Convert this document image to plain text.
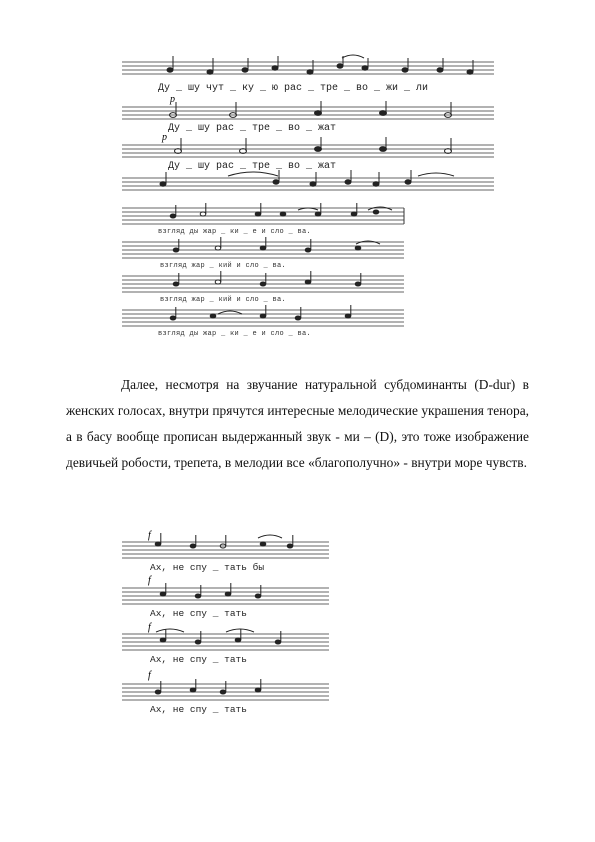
Ду _ шу чут _ ку _ ю рас _ тре _ во _ жи _ ли
p
Ду _ шу рас _ тре _ во _ жат
p
Ду _ шу рас _ тре _ во _ жат
взгляд ды жар _ ки _ е и сло _ ва.
взгляд жар _ кий и сло _ ва.
взгляд жар _ кий и сло _ ва.
взгляд ды жар _ ки _ е и сло _ ва.

Далее, несмотря на звучание натуральной субдоминанты (D-dur) в женских голосах, внутри прячутся интересные мелодические украшения тенора, а в басу вообще прописан выдержанный звук - ми – (D), это тоже изображение девичьей робости, трепета, в мелодии все «благополучно» - внутри море чувств.

f
Ах, не спу _ тать бы
f
Ах, не спу _ тать
f
Ах, не спу _ тать
f
Ах, не спу _ тать
